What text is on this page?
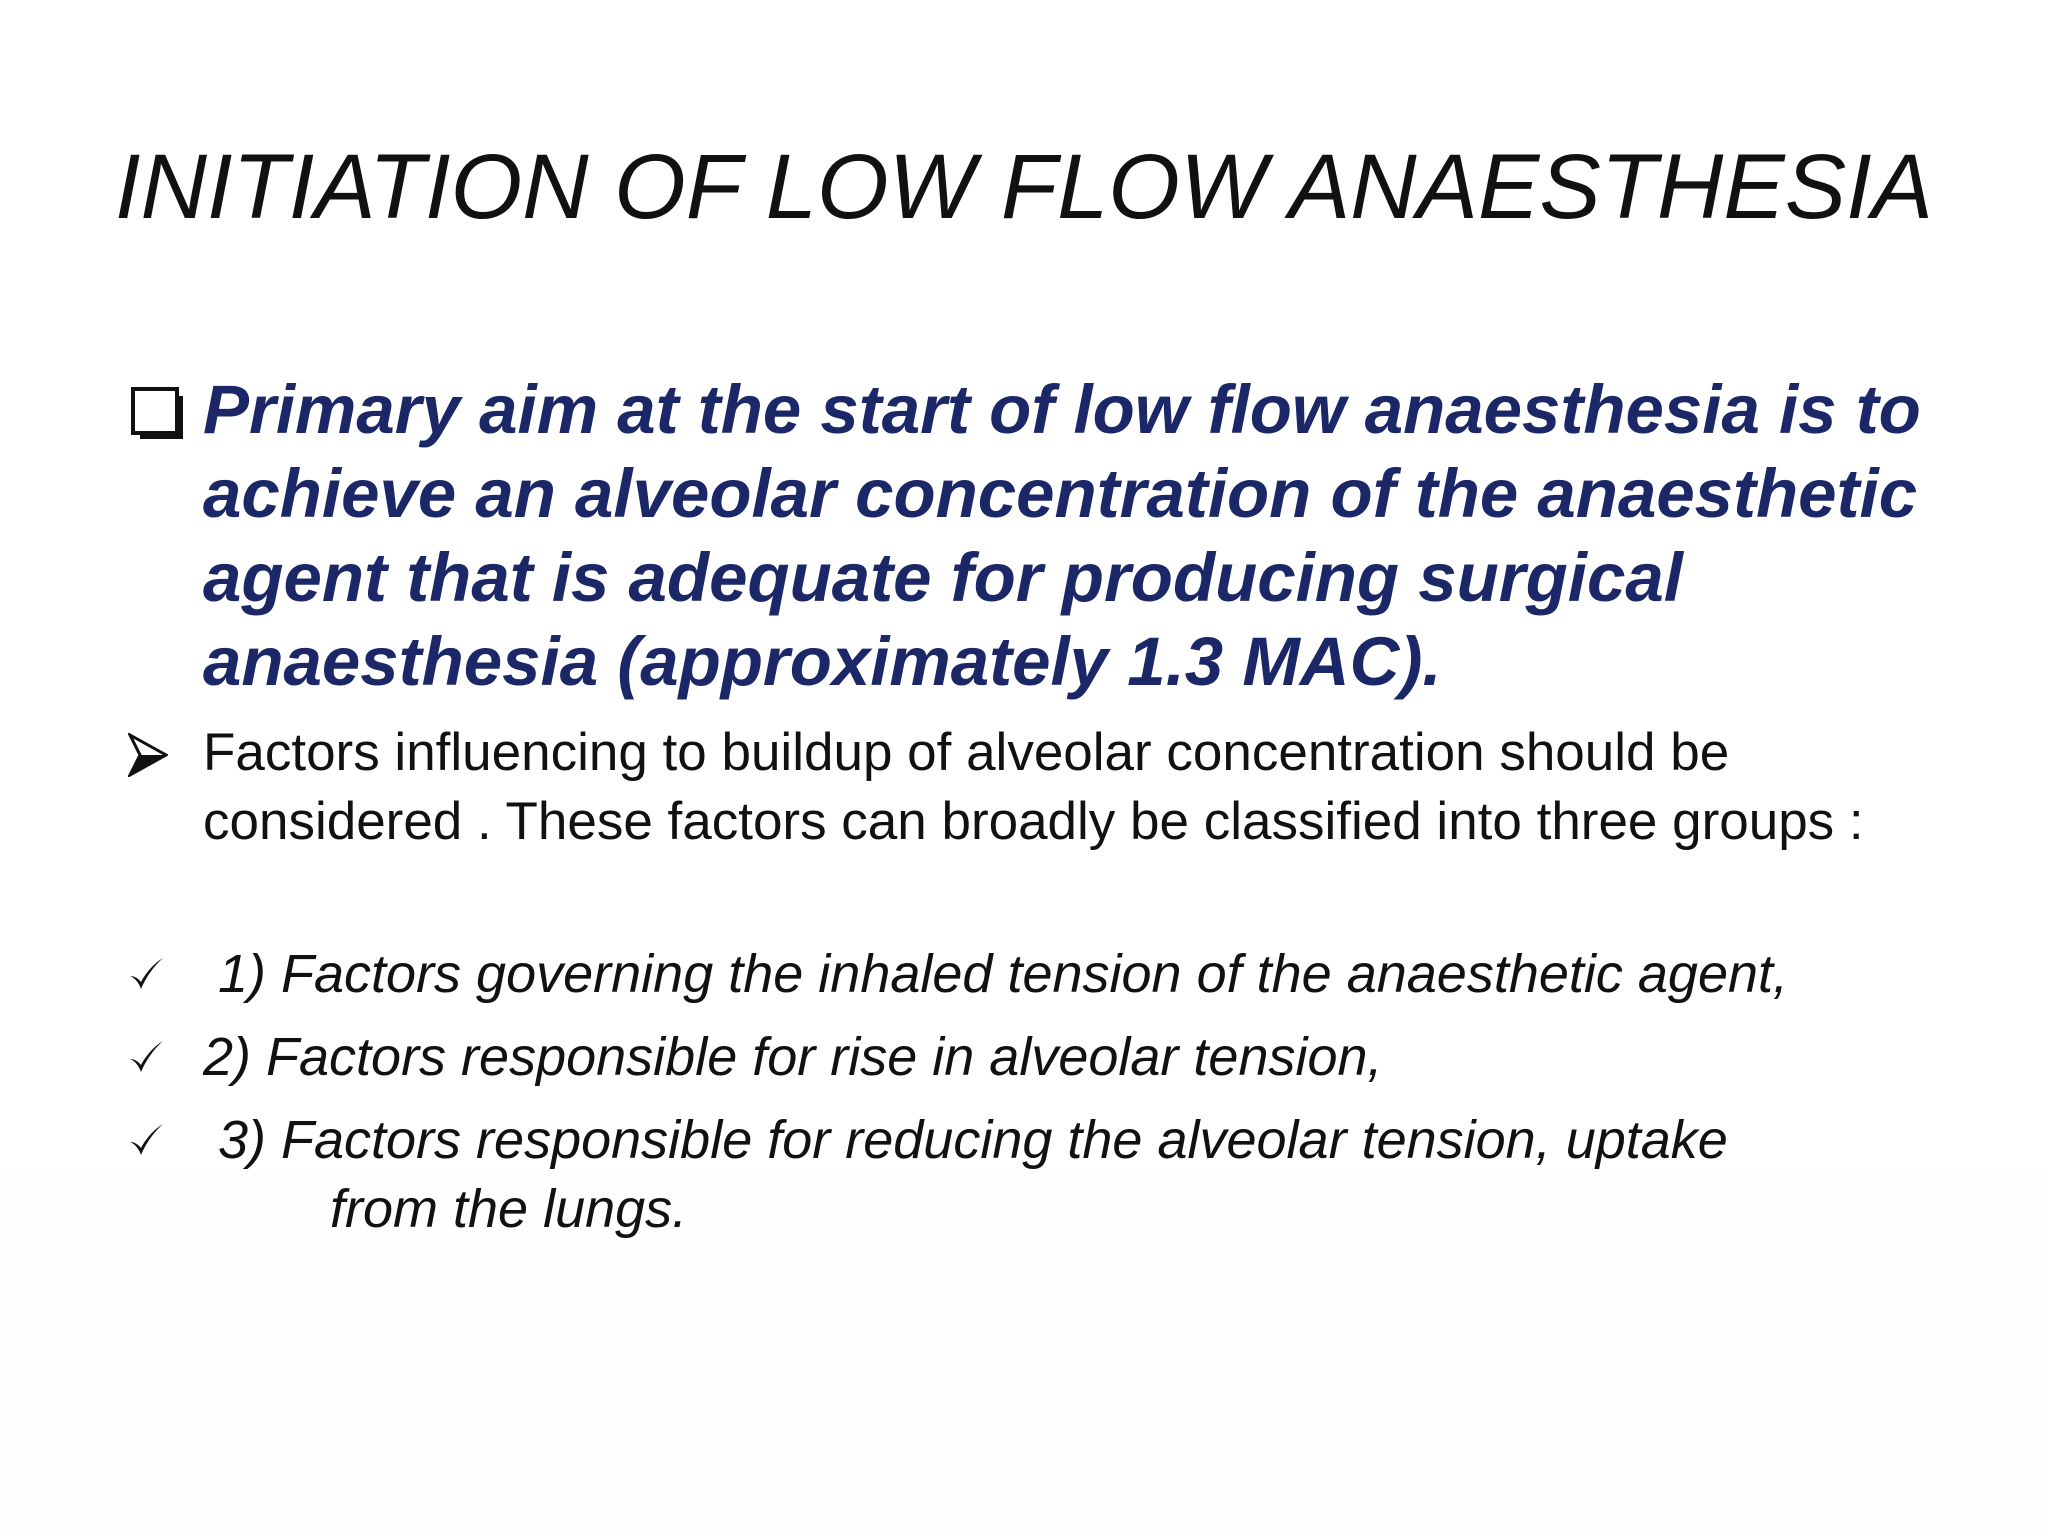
INITIATION OF LOW FLOW ANAESTHESIA
Primary aim at the start of low flow anaesthesia is to achieve an alveolar concentration of the anaesthetic agent that is adequate for producing surgical anaesthesia (approximately 1.3 MAC).
Factors influencing to buildup of alveolar concentration should be considered . These factors can broadly be classified into three groups :
1) Factors governing the inhaled tension of the anaesthetic agent,
2) Factors responsible for rise in alveolar tension,
3) Factors responsible for reducing the alveolar tension, uptake
from the lungs.
